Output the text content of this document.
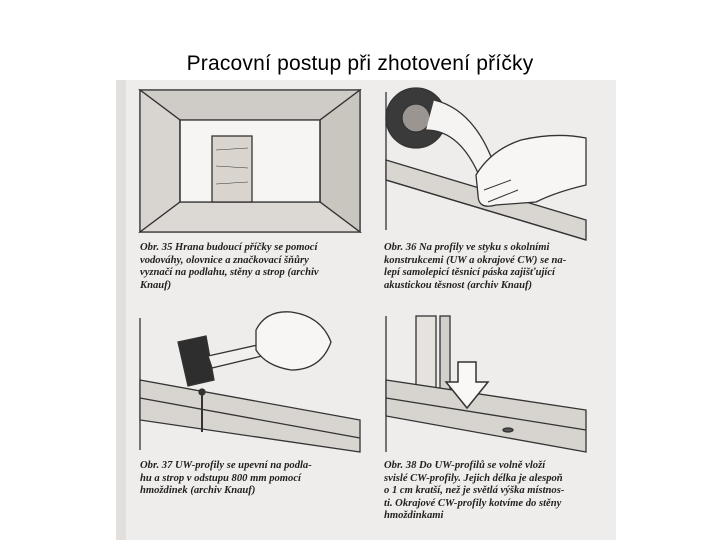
Pracovní postup při zhotovení příčky

Obr. 35 Hrana budoucí příčky se pomocí
vodováhy, olovnice a značkovací šňůry
vyznačí na podlahu, stěny a strop (archiv
Knauf)

Obr. 36 Na profily ve styku s okolními
konstrukcemi (UW a okrajové CW) se na-
lepí samolepicí těsnicí páska zajišťující
akustickou těsnost (archiv Knauf)

Obr. 37 UW-profily se upevní na podla-
hu a strop v odstupu 800 mm pomocí
hmoždinek (archiv Knauf)

Obr. 38 Do UW-profilů se volně vloží
svislé CW-profily. Jejich délka je alespoň
o 1 cm kratší, než je světlá výška místnos-
ti. Okrajové CW-profily kotvíme do stěny
hmoždinkami
